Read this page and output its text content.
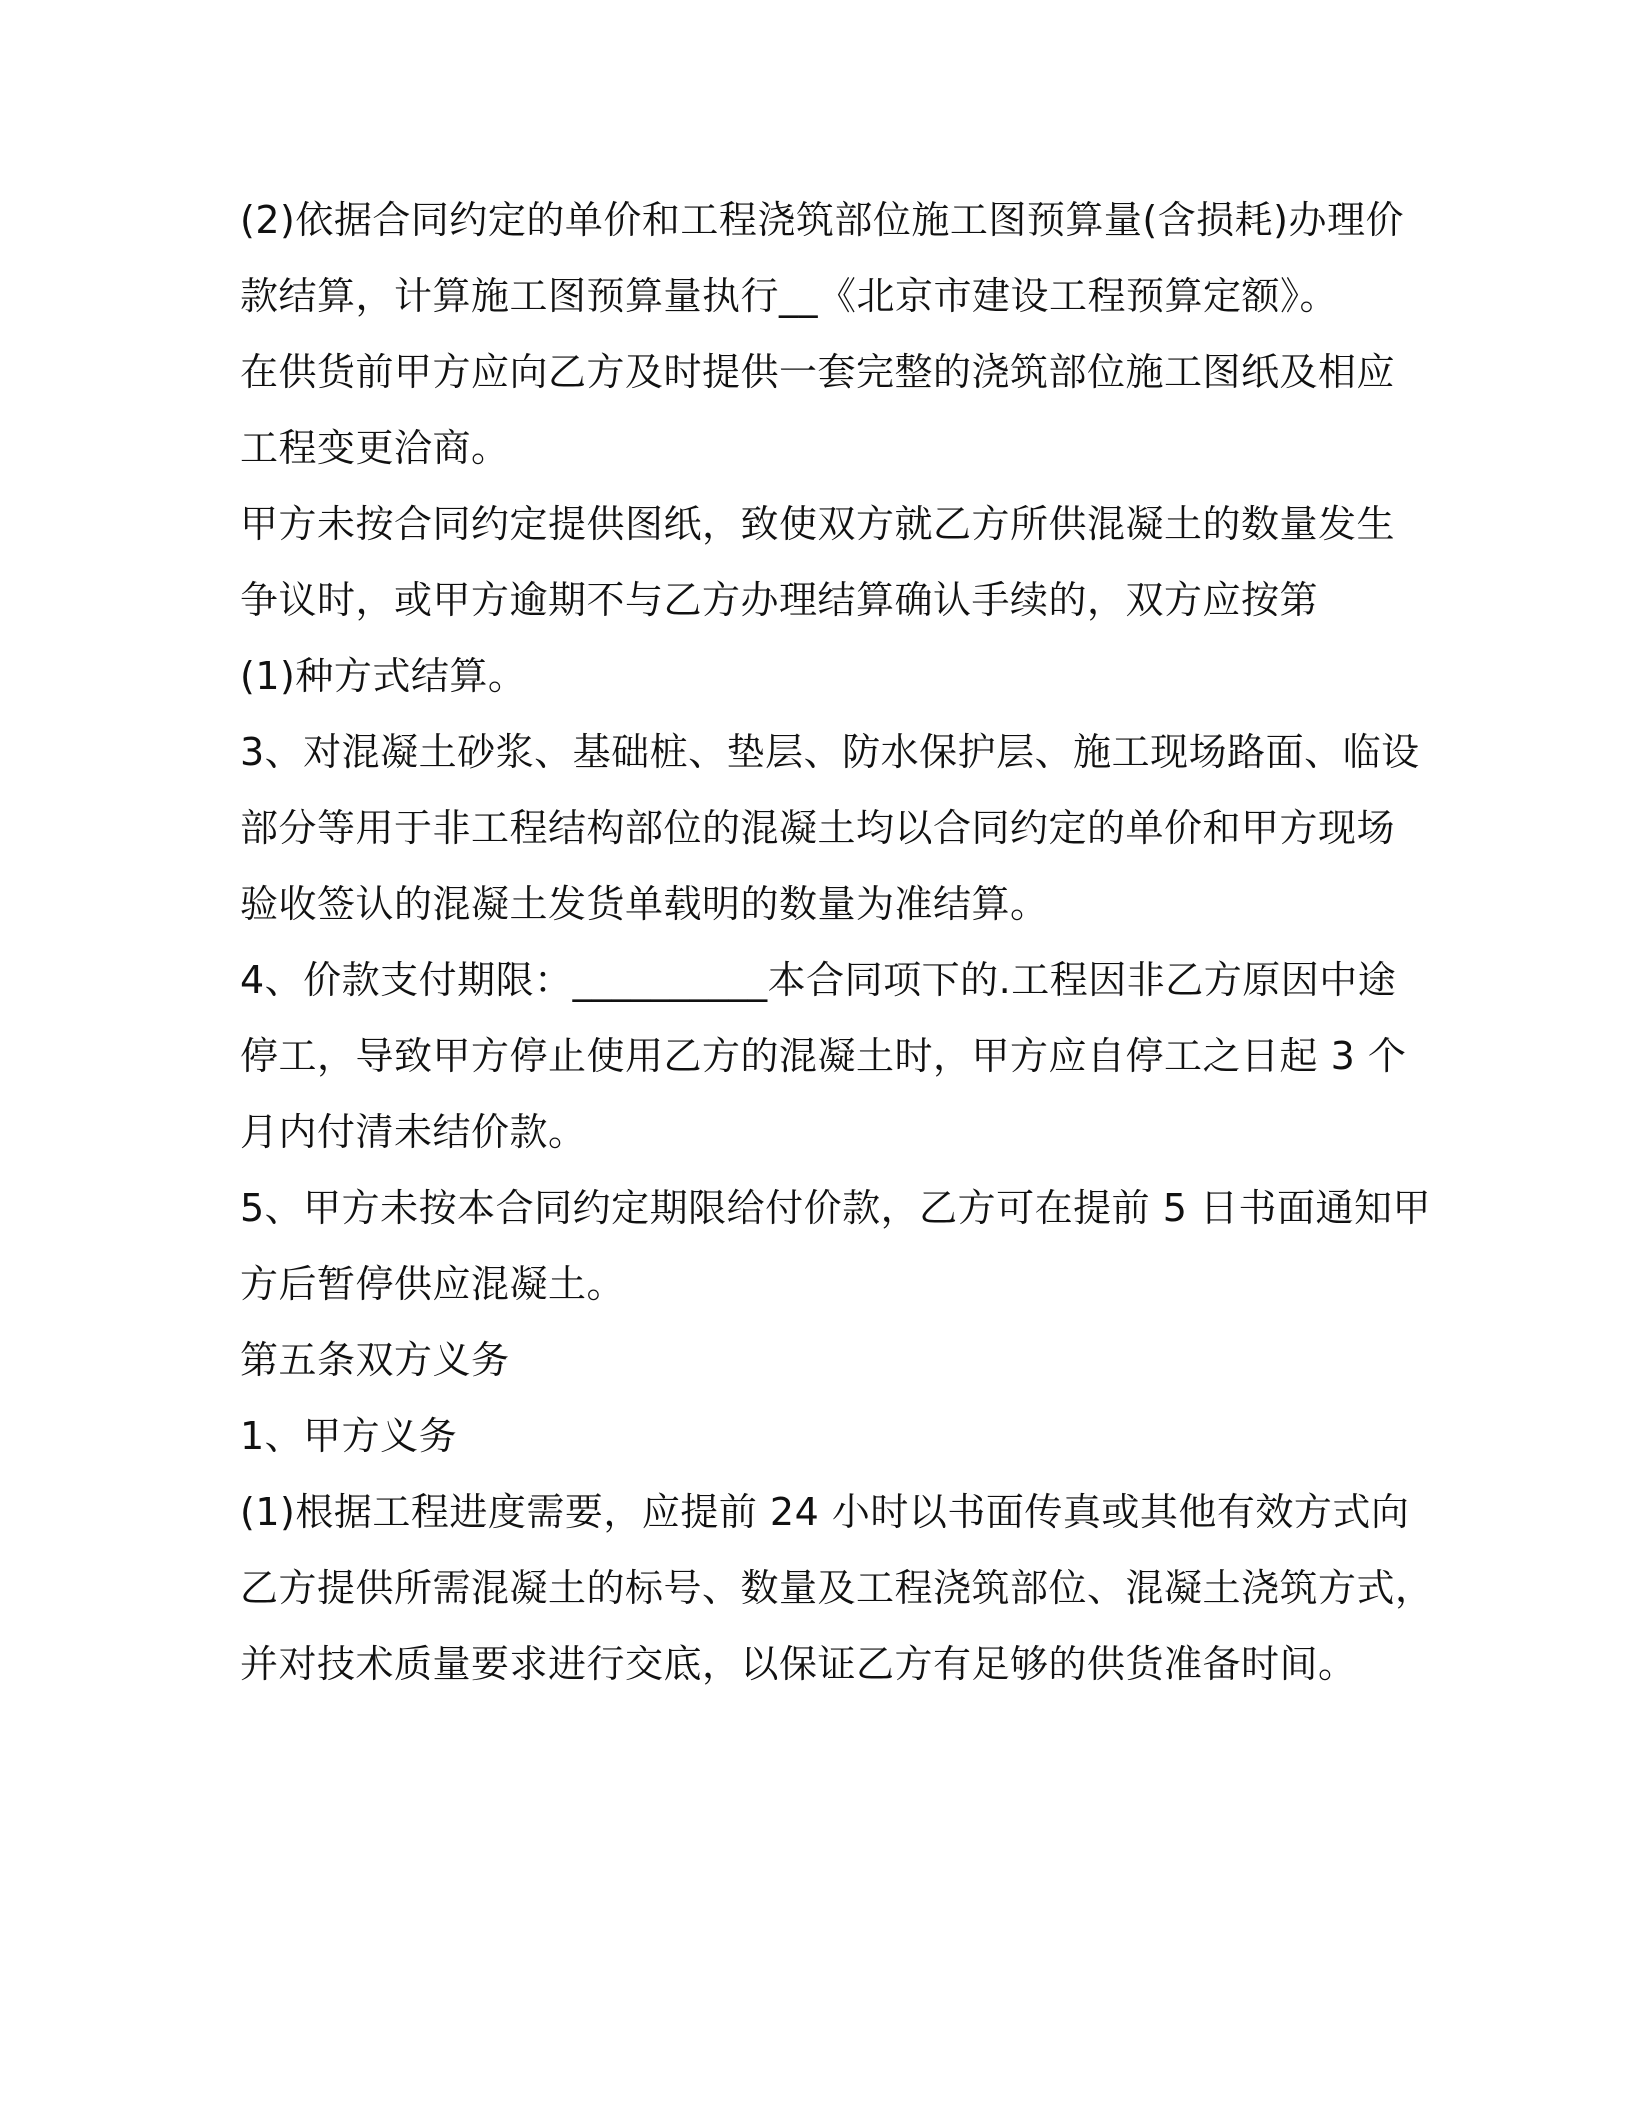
(2)依据合同约定的单价和工程浇筑部位施工图预算量(含损耗)办理价
款结算，计算施工图预算量执行__《北京市建设工程预算定额》。
在供货前甲方应向乙方及时提供一套完整的浇筑部位施工图纸及相应
工程变更洽商。
甲方未按合同约定提供图纸，致使双方就乙方所供混凝土的数量发生
争议时，或甲方逾期不与乙方办理结算确认手续的，双方应按第
(1)种方式结算。
3、对混凝土砂浆、基础桩、垫层、防水保护层、施工现场路面、临设
部分等用于非工程结构部位的混凝土均以合同约定的单价和甲方现场
验收签认的混凝土发货单载明的数量为准结算。
4、价款支付期限：__________本合同项下的.工程因非乙方原因中途
停工，导致甲方停止使用乙方的混凝土时，甲方应自停工之日起 3 个
月内付清未结价款。
5、甲方未按本合同约定期限给付价款，乙方可在提前 5 日书面通知甲
方后暂停供应混凝土。
第五条双方义务
1、甲方义务
(1)根据工程进度需要，应提前 24 小时以书面传真或其他有效方式向
乙方提供所需混凝土的标号、数量及工程浇筑部位、混凝土浇筑方式，
并对技术质量要求进行交底，以保证乙方有足够的供货准备时间。
